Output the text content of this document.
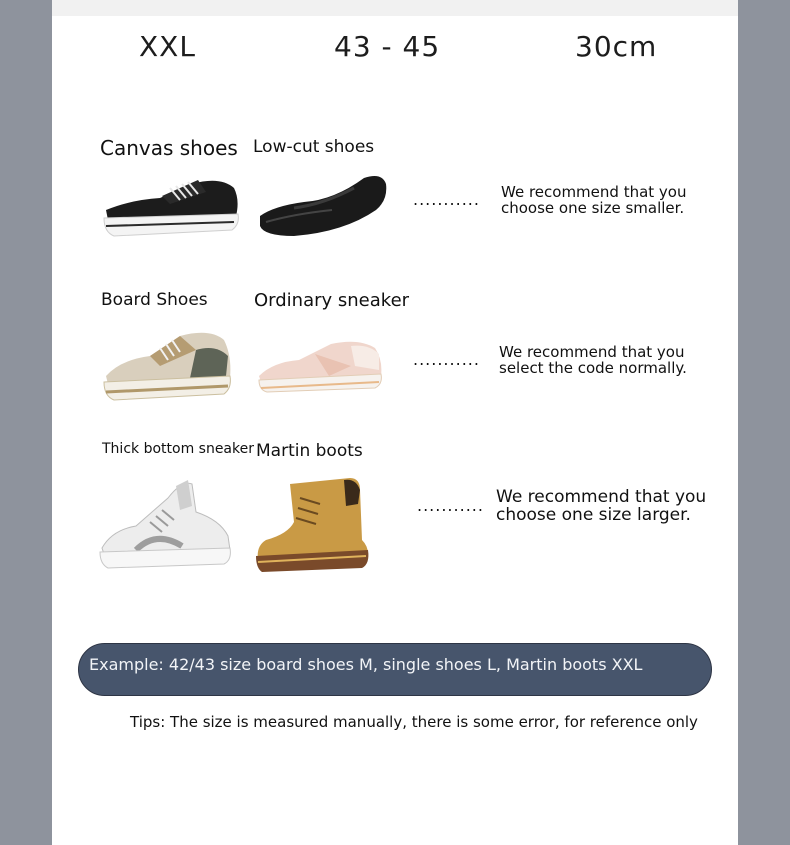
XXL	43 - 45	30cm
Canvas shoes Low-cut shoes
........... We recommend that you
choose one size smaller.
Board Shoes	Ordinary sneaker
........... We recommend that you
select the code normally.
Thick bottom sneaker Martin boots
........... We recommend that you
choose one size larger.
Example: 42/43 size board shoes M, single shoes L, Martin boots XXL
Tips: The size is measured manually, there is some error, for reference only
